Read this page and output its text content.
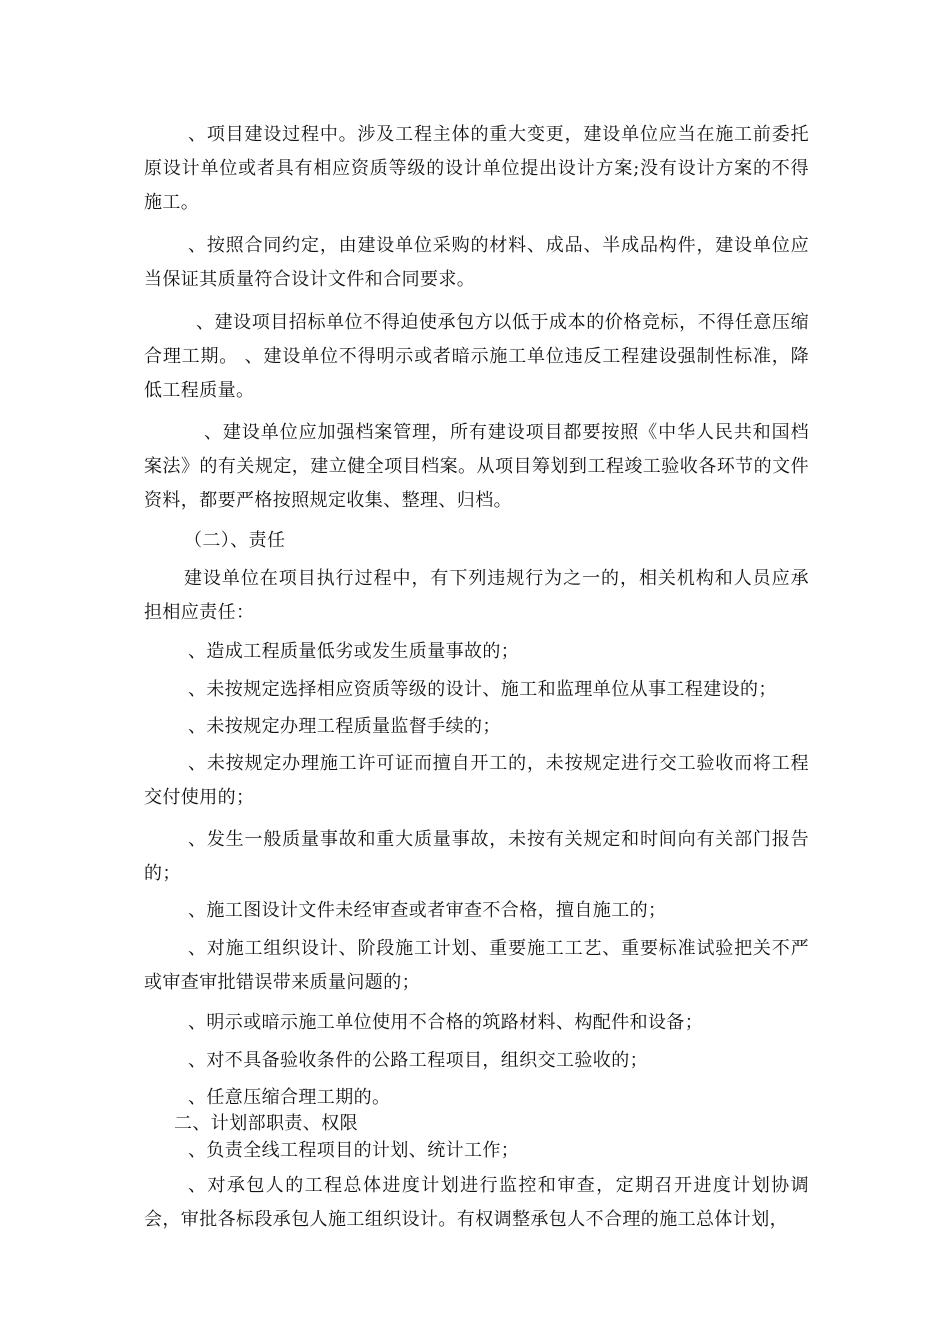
、项目建设过程中。涉及工程主体的重大变更，建设单位应当在施工前委托原设计单位或者具有相应资质等级的设计单位提出设计方案;没有设计方案的不得施工。

、按照合同约定，由建设单位采购的材料、成品、半成品构件，建设单位应当保证其质量符合设计文件和合同要求。

、建设项目招标单位不得迫使承包方以低于成本的价格竞标，不得任意压缩合理工期。 、建设单位不得明示或者暗示施工单位违反工程建设强制性标准，降低工程质量。

、建设单位应加强档案管理，所有建设项目都要按照《中华人民共和国档案法》的有关规定，建立健全项目档案。从项目筹划到工程竣工验收各环节的文件资料，都要严格按照规定收集、整理、归档。

（二）、责任

建设单位在项目执行过程中，有下列违规行为之一的，相关机构和人员应承担相应责任：

、造成工程质量低劣或发生质量事故的；

、未按规定选择相应资质等级的设计、施工和监理单位从事工程建设的；

、未按规定办理工程质量监督手续的；

、未按规定办理施工许可证而擅自开工的，未按规定进行交工验收而将工程交付使用的；

、发生一般质量事故和重大质量事故，未按有关规定和时间向有关部门报告的；

、施工图设计文件未经审查或者审查不合格，擅自施工的；

、对施工组织设计、阶段施工计划、重要施工工艺、重要标准试验把关不严或审查审批错误带来质量问题的；

、明示或暗示施工单位使用不合格的筑路材料、构配件和设备；

、对不具备验收条件的公路工程项目，组织交工验收的；

、任意压缩合理工期的。

二、计划部职责、权限

、负责全线工程项目的计划、统计工作；

、对承包人的工程总体进度计划进行监控和审查，定期召开进度计划协调会，审批各标段承包人施工组织设计。有权调整承包人不合理的施工总体计划，
